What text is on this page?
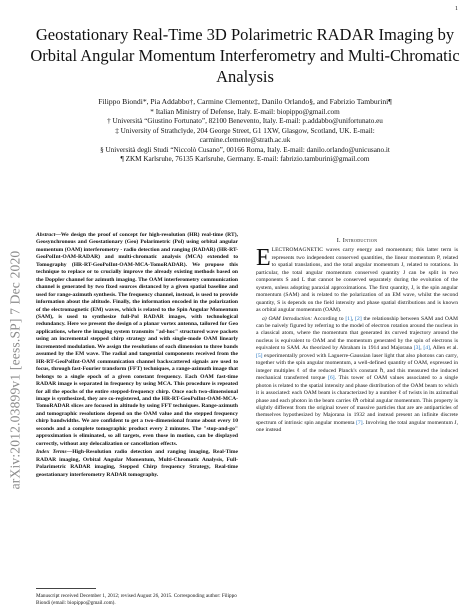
1
arXiv:2012.03899v1 [eess.SP] 7 Dec 2020
Geostationary Real-Time 3D Polarimetric RADAR Imaging by Orbital Angular Momentum Interferometry and Multi-Chromatic Analysis
Filippo Biondi*, Pia Addabbo†, Carmine Clemente‡, Danilo Orlando§, and Fabrizio Tamburini¶
* Italian Ministry of Defense, Italy. E-mail: biopippo@gmail.com
† Università “Giustino Fortunato”, 82100 Benevento, Italy. E-mail: p.addabbo@unifortunato.eu
‡ University of Strathclyde, 204 George Street, G1 1XW, Glasgow, Scotland, UK. E-mail:
carmine.clemente@strath.ac.uk
§ Università degli Studi “Niccolò Cusano”, 00166 Roma, Italy. E-mail: danilo.orlando@unicusano.it
¶ ZKM Karlsruhe, 76135 Karlsruhe, Germany. E-mail: fabrizio.tamburini@gmail.com

Abstract—We design the proof of concept for high-resolution (HR) real-time (RT), Geosynchronous and Geostationary (Geo) Polarimetric (Pol) using orbital angular momentum (OAM) interferometry - radio detection and ranging (RADAR) (HR-RT-GeoPolInt-OAM-RADAR) and multi-chromatic analysis (MCA) extended to Tomography (HR-RT-GeoPolInt-OAM-MCA-TomoRADAR). We propose this technique to replace or to crucially improve the already existing methods based on the Doppler channel for azimuth imaging. The OAM interferometry communication channel is generated by two fixed sources distanced by a given spatial baseline and used for range-azimuth synthesis. The frequency channel, instead, is used to provide information about the altitude. Finally, the information encoded in the polarization of the electromagnetic (EM) waves, which is related to the Spin Angular Momentum (SAM), is used to synthesize full-Pol RADAR images, with technological redundancy. Here we present the design of a planar vortex antenna, tailored for Geo applications, where the imaging system transmits "ad-hoc" structured wave packets using an incremental stepped chirp strategy and with single-mode OAM linearly incremented modulation. We assign the resolutions of each dimension to three bands assumed by the EM wave. The radial and tangential components received from the HR-RT-GeoPolInt-OAM communication channel backscattered signals are used to focus, through fast-Fourier transform (FFT) techniques, a range-azimuth image that belongs to a single epoch of a given constant frequency. Each OAM fast-time RADAR image is separated in frequency by using MCA. This procedure is repeated for all the epochs of the entire stepped-frequency chirp. Once each two-dimensional image is synthesized, they are co-registered, and the HR-RT-GeoPolInt-OAM-MCA-TomoRADAR slices are focused in altitude by using FFT techniques. Range-azimuth and tomographic resolutions depend on the OAM value and the stepped frequency chirp bandwidths. We are confident to get a two-dimensional frame about every 10 seconds and a complete tomographic product every 2 minutes. The "stop-and-go" approximation is eliminated, so all targets, even those in motion, can be displayed correctly, without any delocalization or cancellation effects.

Index Terms—High-Resolution radio detection and ranging imaging, Real-Time RADAR imaging, Orbital Angular Momentum, Multi-Chromatic Analysis, Full-Polarimetric RADAR imaging, Stepped Chirp frequency Strategy, Real-time geostationary interferometry RADAR tomography.

I. Introduction

ELECTROMAGNETIC waves carry energy and momentum; this latter term is represents two independent conserved quantities, the linear momentum P, related to spatial translations, and the total angular momentum J, related to rotations. In particular, the total angular momentum conserved quantity J can be split in two components S and L that cannot be conserved separately during the evolution of the system, unless adopting paraxial approximations. The first quantity, J, is the spin angular momentum (SAM) and is related to the polarization of an EM wave, whilst the second quantity, S is depends on the field intensity and phase spatial distributions and is known as orbital angular momentum (OAM).

a) OAM Introduction: According to [1], [2] the relationship between SAM and OAM can be naively figured by referring to the model of electron rotation around the nucleus in a classical atom, where the momentum that generated its curved trajectory around the nucleus is equivalent to OAM and the momentum generated by the spin of electrons is equivalent to SAM. As theorized by Abraham in 1914 and Majorana [3], [4], Allen et al. [5] experimentally proved with Laguerre-Gaussian laser light that also photons can carry, together with the spin angular momentum, a well-defined quantity of OAM, expressed in integer multiples ℓ of the reduced Planck's constant ℏ, and this measured the induced mechanical transferred torque [6]. This tower of OAM values associated to a single photon is related to the spatial intensity and phase distribution of the OAM beam to which it is associated: each OAM beam is characterized by a number ℓ of twists in its azimuthal phase and each photon in the beam carries ℓℏ orbital angular momentum. This property is slightly different from the original tower of massive particles that are are antiparticles of themselves hypothesized by Majorana in 1932 and instead present an infinite discrete spectrum of intrinsic spin angular momenta [7]. Involving the total angular momentum J, one instead

Manuscript received December 1, 2012; revised August 26, 2015. Corresponding author: Filippo Biondi (email: biopippo@gmail.com).
